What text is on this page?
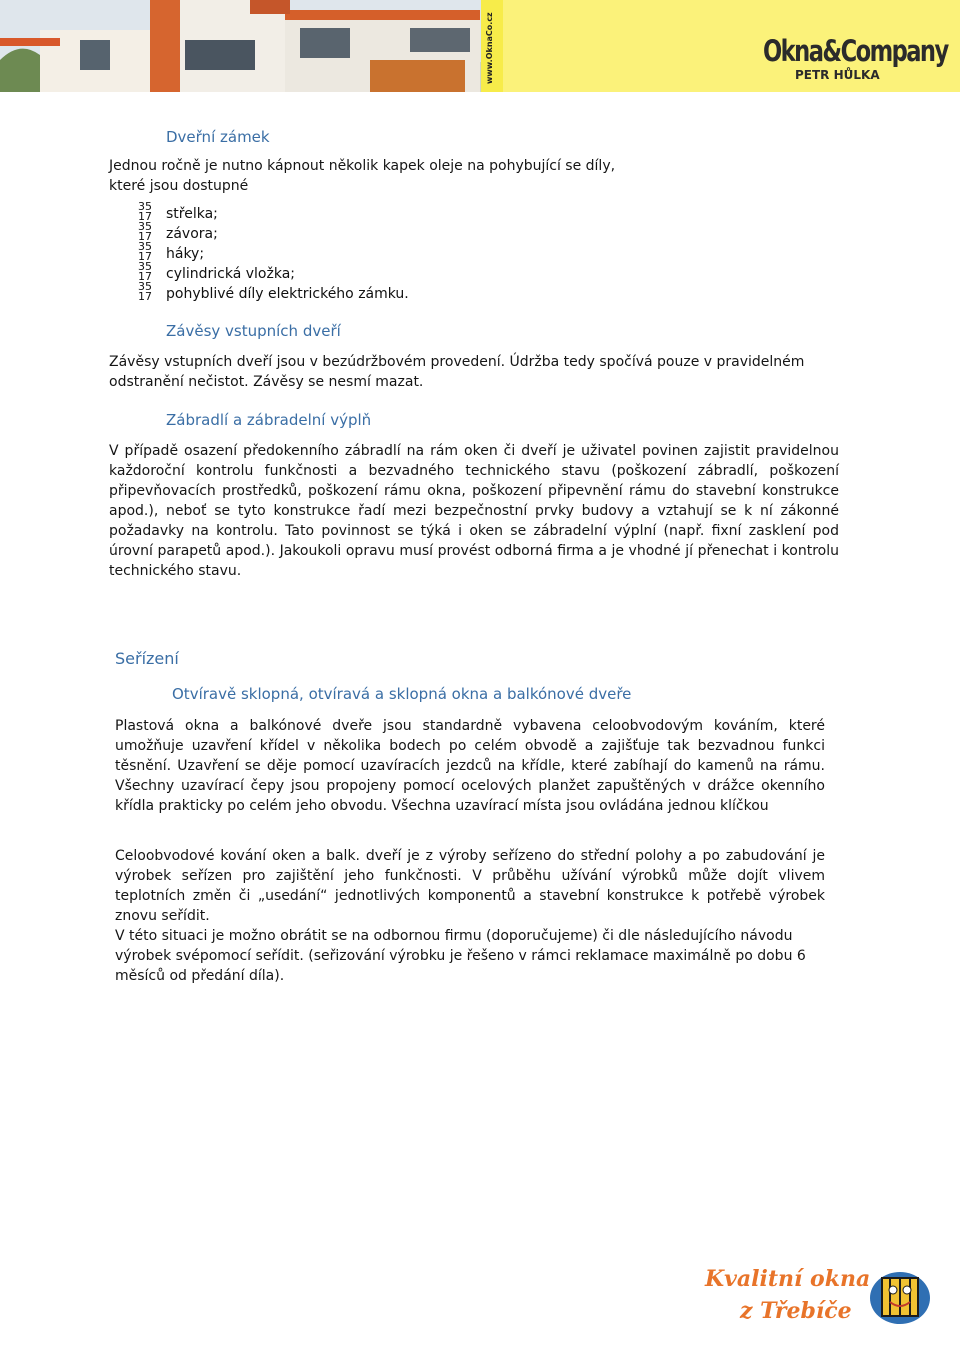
www.OknaCo.cz	Okna&Company
PETR HŮLKA
Dveřní zámek

Jednou ročně je nutno kápnout několik kapek oleje na pohybující se díly, které jsou dostupné

35
17 střelka;
35
17 závora;
35
17 háky;
35
17 cylindrická vložka;
35
17 pohyblivé díly elektrického zámku.
Závěsy vstupních dveří

Závěsy vstupních dveří jsou v bezúdržbovém provedení. Údržba tedy spočívá pouze v pravidelném odstranění nečistot. Závěsy se nesmí mazat.

Zábradlí a zábradelní výplň

V případě osazení předokenního zábradlí na rám oken či dveří je uživatel povinen zajistit pravidelnou každoroční kontrolu funkčnosti a bezvadného technického stavu (poškození zábradlí, poškození připevňovacích prostředků, poškození rámu okna, poškození připevnění rámu do stavební konstrukce apod.), neboť se tyto konstrukce řadí mezi bezpečnostní prvky budovy a vztahují se k ní zákonné požadavky na kontrolu. Tato povinnost se týká i oken se zábradelní výplní (např. fixní zasklení pod úrovní parapetů apod.). Jakoukoli opravu musí provést odborná firma a je vhodné jí přenechat i kontrolu technického stavu.

Seřízení
Otvíravě sklopná, otvíravá a sklopná okna a balkónové dveře

Plastová okna a balkónové dveře jsou standardně vybavena celoobvodovým kováním, které umožňuje uzavření křídel v několika bodech po celém obvodě a zajišťuje tak bezvadnou funkci těsnění. Uzavření se děje pomocí uzavíracích jezdců na křídle, které zabíhají do kamenů na rámu. Všechny uzavírací čepy jsou propojeny pomocí ocelových planžet zapuštěných v drážce okenního křídla prakticky po celém jeho obvodu. Všechna uzavírací místa jsou ovládána jednou klíčkou

Celoobvodové kování oken a balk. dveří je z výroby seřízeno do střední polohy a po zabudování je výrobek seřízen pro zajištění jeho funkčnosti. V průběhu užívání výrobků může dojít vlivem teplotních změn či „usedání“ jednotlivých komponentů a stavební konstrukce k potřebě výrobek znovu seřídit.

V této situaci je možno obrátit se na odbornou firmu (doporučujeme) či dle následujícího návodu výrobek svépomocí seřídit. (seřizování výrobku je řešeno v rámci reklamace maximálně po dobu 6 měsíců od předání díla).

Kvalitní okna
z Třebíče
